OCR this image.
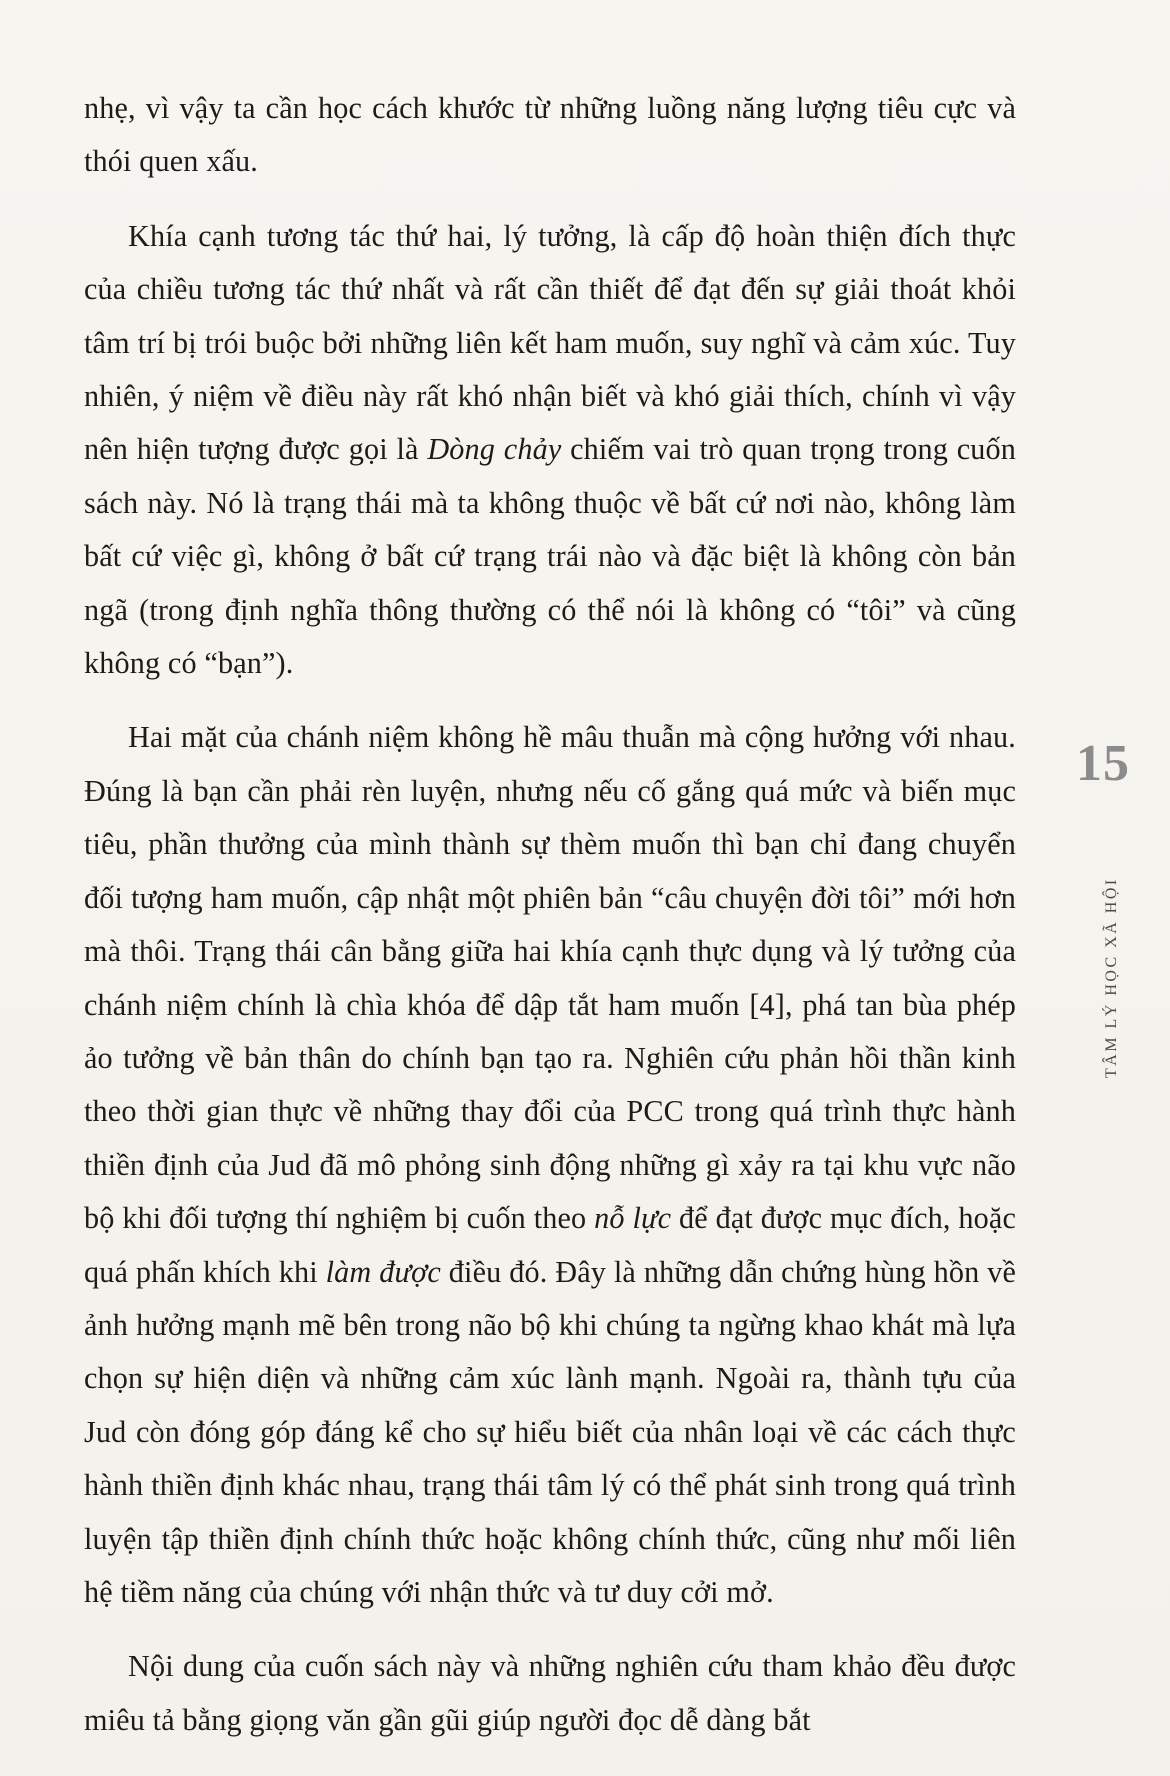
nhẹ, vì vậy ta cần học cách khước từ những luồng năng lượng tiêu cực và thói quen xấu.

Khía cạnh tương tác thứ hai, lý tưởng, là cấp độ hoàn thiện đích thực của chiều tương tác thứ nhất và rất cần thiết để đạt đến sự giải thoát khỏi tâm trí bị trói buộc bởi những liên kết ham muốn, suy nghĩ và cảm xúc. Tuy nhiên, ý niệm về điều này rất khó nhận biết và khó giải thích, chính vì vậy nên hiện tượng được gọi là Dòng chảy chiếm vai trò quan trọng trong cuốn sách này. Nó là trạng thái mà ta không thuộc về bất cứ nơi nào, không làm bất cứ việc gì, không ở bất cứ trạng trái nào và đặc biệt là không còn bản ngã (trong định nghĩa thông thường có thể nói là không có “tôi” và cũng không có “bạn”).

Hai mặt của chánh niệm không hề mâu thuẫn mà cộng hưởng với nhau. Đúng là bạn cần phải rèn luyện, nhưng nếu cố gắng quá mức và biến mục tiêu, phần thưởng của mình thành sự thèm muốn thì bạn chỉ đang chuyển đối tượng ham muốn, cập nhật một phiên bản “câu chuyện đời tôi” mới hơn mà thôi. Trạng thái cân bằng giữa hai khía cạnh thực dụng và lý tưởng của chánh niệm chính là chìa khóa để dập tắt ham muốn [4], phá tan bùa phép ảo tưởng về bản thân do chính bạn tạo ra. Nghiên cứu phản hồi thần kinh theo thời gian thực về những thay đổi của PCC trong quá trình thực hành thiền định của Jud đã mô phỏng sinh động những gì xảy ra tại khu vực não bộ khi đối tượng thí nghiệm bị cuốn theo nỗ lực để đạt được mục đích, hoặc quá phấn khích khi làm được điều đó. Đây là những dẫn chứng hùng hồn về ảnh hưởng mạnh mẽ bên trong não bộ khi chúng ta ngừng khao khát mà lựa chọn sự hiện diện và những cảm xúc lành mạnh. Ngoài ra, thành tựu của Jud còn đóng góp đáng kể cho sự hiểu biết của nhân loại về các cách thực hành thiền định khác nhau, trạng thái tâm lý có thể phát sinh trong quá trình luyện tập thiền định chính thức hoặc không chính thức, cũng như mối liên hệ tiềm năng của chúng với nhận thức và tư duy cởi mở.

Nội dung của cuốn sách này và những nghiên cứu tham khảo đều được miêu tả bằng giọng văn gần gũi giúp người đọc dễ dàng bắt

15
TÂM LÝ HỌC XÃ HỘI
